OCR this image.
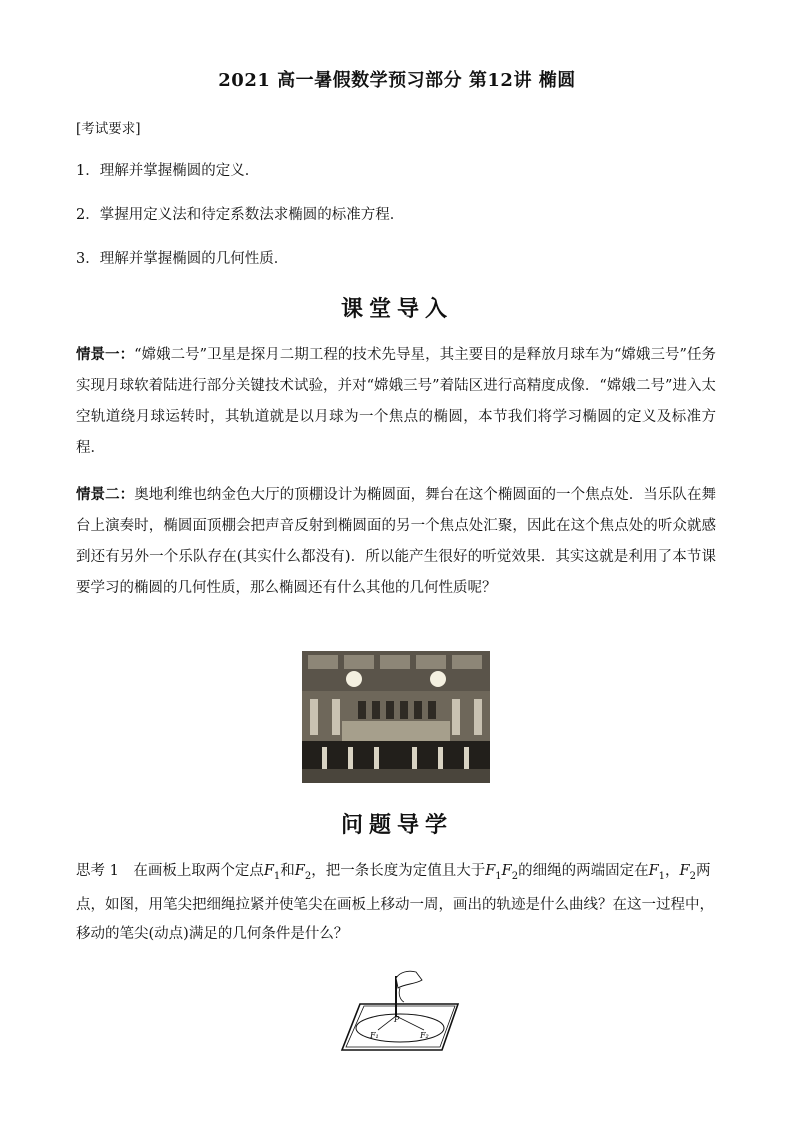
2021 高一暑假数学预习部分 第12讲 椭圆
[考试要求]
1．理解并掌握椭圆的定义．
2．掌握用定义法和待定系数法求椭圆的标准方程．
3．理解并掌握椭圆的几何性质．
课堂导入
情景一：“嫦娥二号”卫星是探月二期工程的技术先导星，其主要目的是释放月球车为“嫦娥三号”任务实现月球软着陆进行部分关键技术试验，并对“嫦娥三号”着陆区进行高精度成像．“嫦娥二号”进入太空轨道绕月球运转时，其轨道就是以月球为一个焦点的椭圆，本节我们将学习椭圆的定义及标准方程．
情景二：奥地利维也纳金色大厅的顶棚设计为椭圆面，舞台在这个椭圆面的一个焦点处．当乐队在舞台上演奏时，椭圆面顶棚会把声音反射到椭圆面的另一个焦点处汇聚，因此在这个焦点处的听众就感到还有另外一个乐队存在(其实什么都没有)．所以能产生很好的听觉效果．其实这就是利用了本节课要学习的椭圆的几何性质，那么椭圆还有什么其他的几何性质呢？
问题导学
思考 1　 在画板上取两个定点$F_1$和$F_2$，把一条长度为定值且大于$F_1F_2$的细绳的两端固定在$F_1$，$F_2$两点，如图，用笔尖把细绳拉紧并使笔尖在画板上移动一周，画出的轨迹是什么曲线？在这一过程中，移动的笔尖(动点)满足的几何条件是什么？
P
F₁	F₂
